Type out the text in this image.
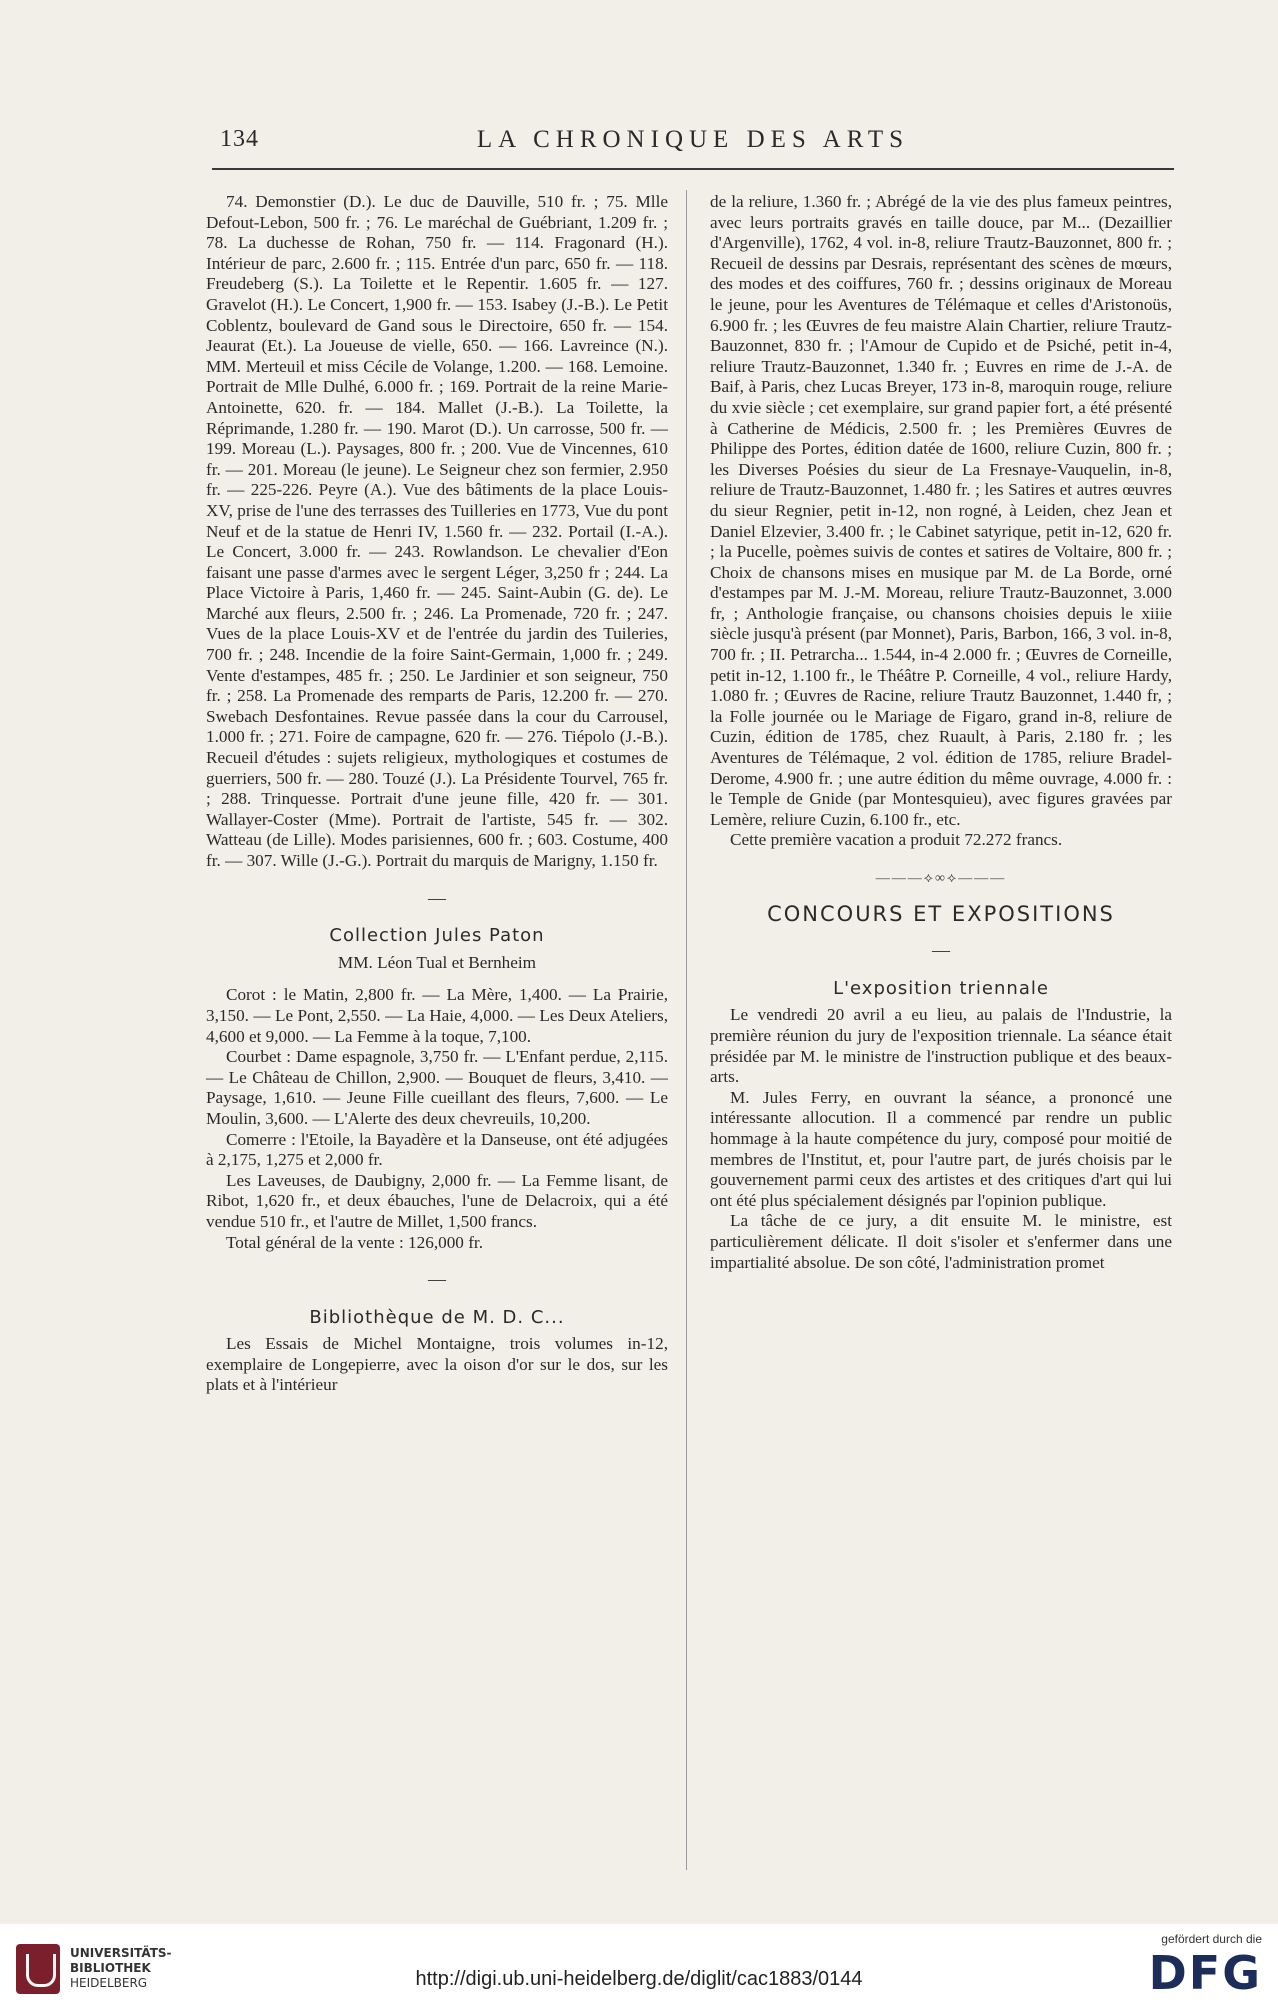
134	LA CHRONIQUE DES ARTS

74. Demonstier (D.). Le duc de Dauville, 510 fr. ; 75. Mlle Defout-Lebon, 500 fr. ; 76. Le maréchal de Guébriant, 1.209 fr. ; 78. La duchesse de Rohan, 750 fr. — 114. Fragonard (H.). Intérieur de parc, 2.600 fr. ; 115. Entrée d'un parc, 650 fr. — 118. Freudeberg (S.). La Toilette et le Repentir. 1.605 fr. — 127. Gravelot (H.). Le Concert, 1,900 fr. — 153. Isabey (J.-B.). Le Petit Coblentz, boulevard de Gand sous le Directoire, 650 fr. — 154. Jeaurat (Et.). La Joueuse de vielle, 650. — 166. Lavreince (N.). MM. Merteuil et miss Cécile de Volange, 1.200. — 168. Lemoine. Portrait de Mlle Dulhé, 6.000 fr. ; 169. Portrait de la reine Marie-Antoinette, 620. fr. — 184. Mallet (J.-B.). La Toilette, la Réprimande, 1.280 fr. — 190. Marot (D.). Un carrosse, 500 fr. — 199. Moreau (L.). Paysages, 800 fr. ; 200. Vue de Vincennes, 610 fr. — 201. Moreau (le jeune). Le Seigneur chez son fermier, 2.950 fr. — 225-226. Peyre (A.). Vue des bâtiments de la place Louis-XV, prise de l'une des terrasses des Tuilleries en 1773, Vue du pont Neuf et de la statue de Henri IV, 1.560 fr. — 232. Portail (I.-A.). Le Concert, 3.000 fr. — 243. Rowlandson. Le chevalier d'Eon faisant une passe d'armes avec le sergent Léger, 3,250 fr ; 244. La Place Victoire à Paris, 1,460 fr. — 245. Saint-Aubin (G. de). Le Marché aux fleurs, 2.500 fr. ; 246. La Promenade, 720 fr. ; 247. Vues de la place Louis-XV et de l'entrée du jardin des Tuileries, 700 fr. ; 248. Incendie de la foire Saint-Germain, 1,000 fr. ; 249. Vente d'estampes, 485 fr. ; 250. Le Jardinier et son seigneur, 750 fr. ; 258. La Promenade des remparts de Paris, 12.200 fr. — 270. Swebach Desfontaines. Revue passée dans la cour du Carrousel, 1.000 fr. ; 271. Foire de campagne, 620 fr. — 276. Tiépolo (J.-B.). Recueil d'études : sujets religieux, mythologiques et costumes de guerriers, 500 fr. — 280. Touzé (J.). La Présidente Tourvel, 765 fr. ; 288. Trinquesse. Portrait d'une jeune fille, 420 fr. — 301. Wallayer-Coster (Mme). Portrait de l'artiste, 545 fr. — 302. Watteau (de Lille). Modes parisiennes, 600 fr. ; 603. Costume, 400 fr. — 307. Wille (J.-G.). Portrait du marquis de Marigny, 1.150 fr.

—
Collection Jules Paton
MM. Léon Tual et Bernheim

Corot : le Matin, 2,800 fr. — La Mère, 1,400. — La Prairie, 3,150. — Le Pont, 2,550. — La Haie, 4,000. — Les Deux Ateliers, 4,600 et 9,000. — La Femme à la toque, 7,100.

Courbet : Dame espagnole, 3,750 fr. — L'Enfant perdue, 2,115. — Le Château de Chillon, 2,900. — Bouquet de fleurs, 3,410. — Paysage, 1,610. — Jeune Fille cueillant des fleurs, 7,600. — Le Moulin, 3,600. — L'Alerte des deux chevreuils, 10,200.

Comerre : l'Etoile, la Bayadère et la Danseuse, ont été adjugées à 2,175, 1,275 et 2,000 fr.

Les Laveuses, de Daubigny, 2,000 fr. — La Femme lisant, de Ribot, 1,620 fr., et deux ébauches, l'une de Delacroix, qui a été vendue 510 fr., et l'autre de Millet, 1,500 francs.

Total général de la vente : 126,000 fr.

—
Bibliothèque de M. D. C...

Les Essais de Michel Montaigne, trois volumes in-12, exemplaire de Longepierre, avec la oison d'or sur le dos, sur les plats et à l'intérieur

de la reliure, 1.360 fr. ; Abrégé de la vie des plus fameux peintres, avec leurs portraits gravés en taille douce, par M... (Dezaillier d'Argenville), 1762, 4 vol. in-8, reliure Trautz-Bauzonnet, 800 fr. ; Recueil de dessins par Desrais, représentant des scènes de mœurs, des modes et des coiffures, 760 fr. ; dessins originaux de Moreau le jeune, pour les Aventures de Télémaque et celles d'Aristonoüs, 6.900 fr. ; les Œuvres de feu maistre Alain Chartier, reliure Trautz-Bauzonnet, 830 fr. ; l'Amour de Cupido et de Psiché, petit in-4, reliure Trautz-Bauzonnet, 1.340 fr. ; Euvres en rime de J.-A. de Baif, à Paris, chez Lucas Breyer, 173 in-8, maroquin rouge, reliure du xvie siècle ; cet exemplaire, sur grand papier fort, a été présenté à Catherine de Médicis, 2.500 fr. ; les Premières Œuvres de Philippe des Portes, édition datée de 1600, reliure Cuzin, 800 fr. ; les Diverses Poésies du sieur de La Fresnaye-Vauquelin, in-8, reliure de Trautz-Bauzonnet, 1.480 fr. ; les Satires et autres œuvres du sieur Regnier, petit in-12, non rogné, à Leiden, chez Jean et Daniel Elzevier, 3.400 fr. ; le Cabinet satyrique, petit in-12, 620 fr. ; la Pucelle, poèmes suivis de contes et satires de Voltaire, 800 fr. ; Choix de chansons mises en musique par M. de La Borde, orné d'estampes par M. J.-M. Moreau, reliure Trautz-Bauzonnet, 3.000 fr, ; Anthologie française, ou chansons choisies depuis le xiiie siècle jusqu'à présent (par Monnet), Paris, Barbon, 166, 3 vol. in-8, 700 fr. ; II. Petrarcha... 1.544, in-4 2.000 fr. ; Œuvres de Corneille, petit in-12, 1.100 fr., le Théâtre P. Corneille, 4 vol., reliure Hardy, 1.080 fr. ; Œuvres de Racine, reliure Trautz Bauzonnet, 1.440 fr, ; la Folle journée ou le Mariage de Figaro, grand in-8, reliure de Cuzin, édition de 1785, chez Ruault, à Paris, 2.180 fr. ; les Aventures de Télémaque, 2 vol. édition de 1785, reliure Bradel-Derome, 4.900 fr. ; une autre édition du même ouvrage, 4.000 fr. : le Temple de Gnide (par Montesquieu), avec figures gravées par Lemère, reliure Cuzin, 6.100 fr., etc.

Cette première vacation a produit 72.272 francs.

———⟡∞⟡———
CONCOURS ET EXPOSITIONS
—
L'exposition triennale

Le vendredi 20 avril a eu lieu, au palais de l'Industrie, la première réunion du jury de l'exposition triennale. La séance était présidée par M. le ministre de l'instruction publique et des beaux-arts.

M. Jules Ferry, en ouvrant la séance, a prononcé une intéressante allocution. Il a commencé par rendre un public hommage à la haute compétence du jury, composé pour moitié de membres de l'Institut, et, pour l'autre part, de jurés choisis par le gouvernement parmi ceux des artistes et des critiques d'art qui lui ont été plus spécialement désignés par l'opinion publique.

La tâche de ce jury, a dit ensuite M. le ministre, est particulièrement délicate. Il doit s'isoler et s'enfermer dans une impartialité absolue. De son côté, l'administration promet

UNIVERSITÄTS-
BIBLIOTHEK
HEIDELBERG	http://digi.ub.uni-heidelberg.de/diglit/cac1883/0144
gefördert durch die
DFG
